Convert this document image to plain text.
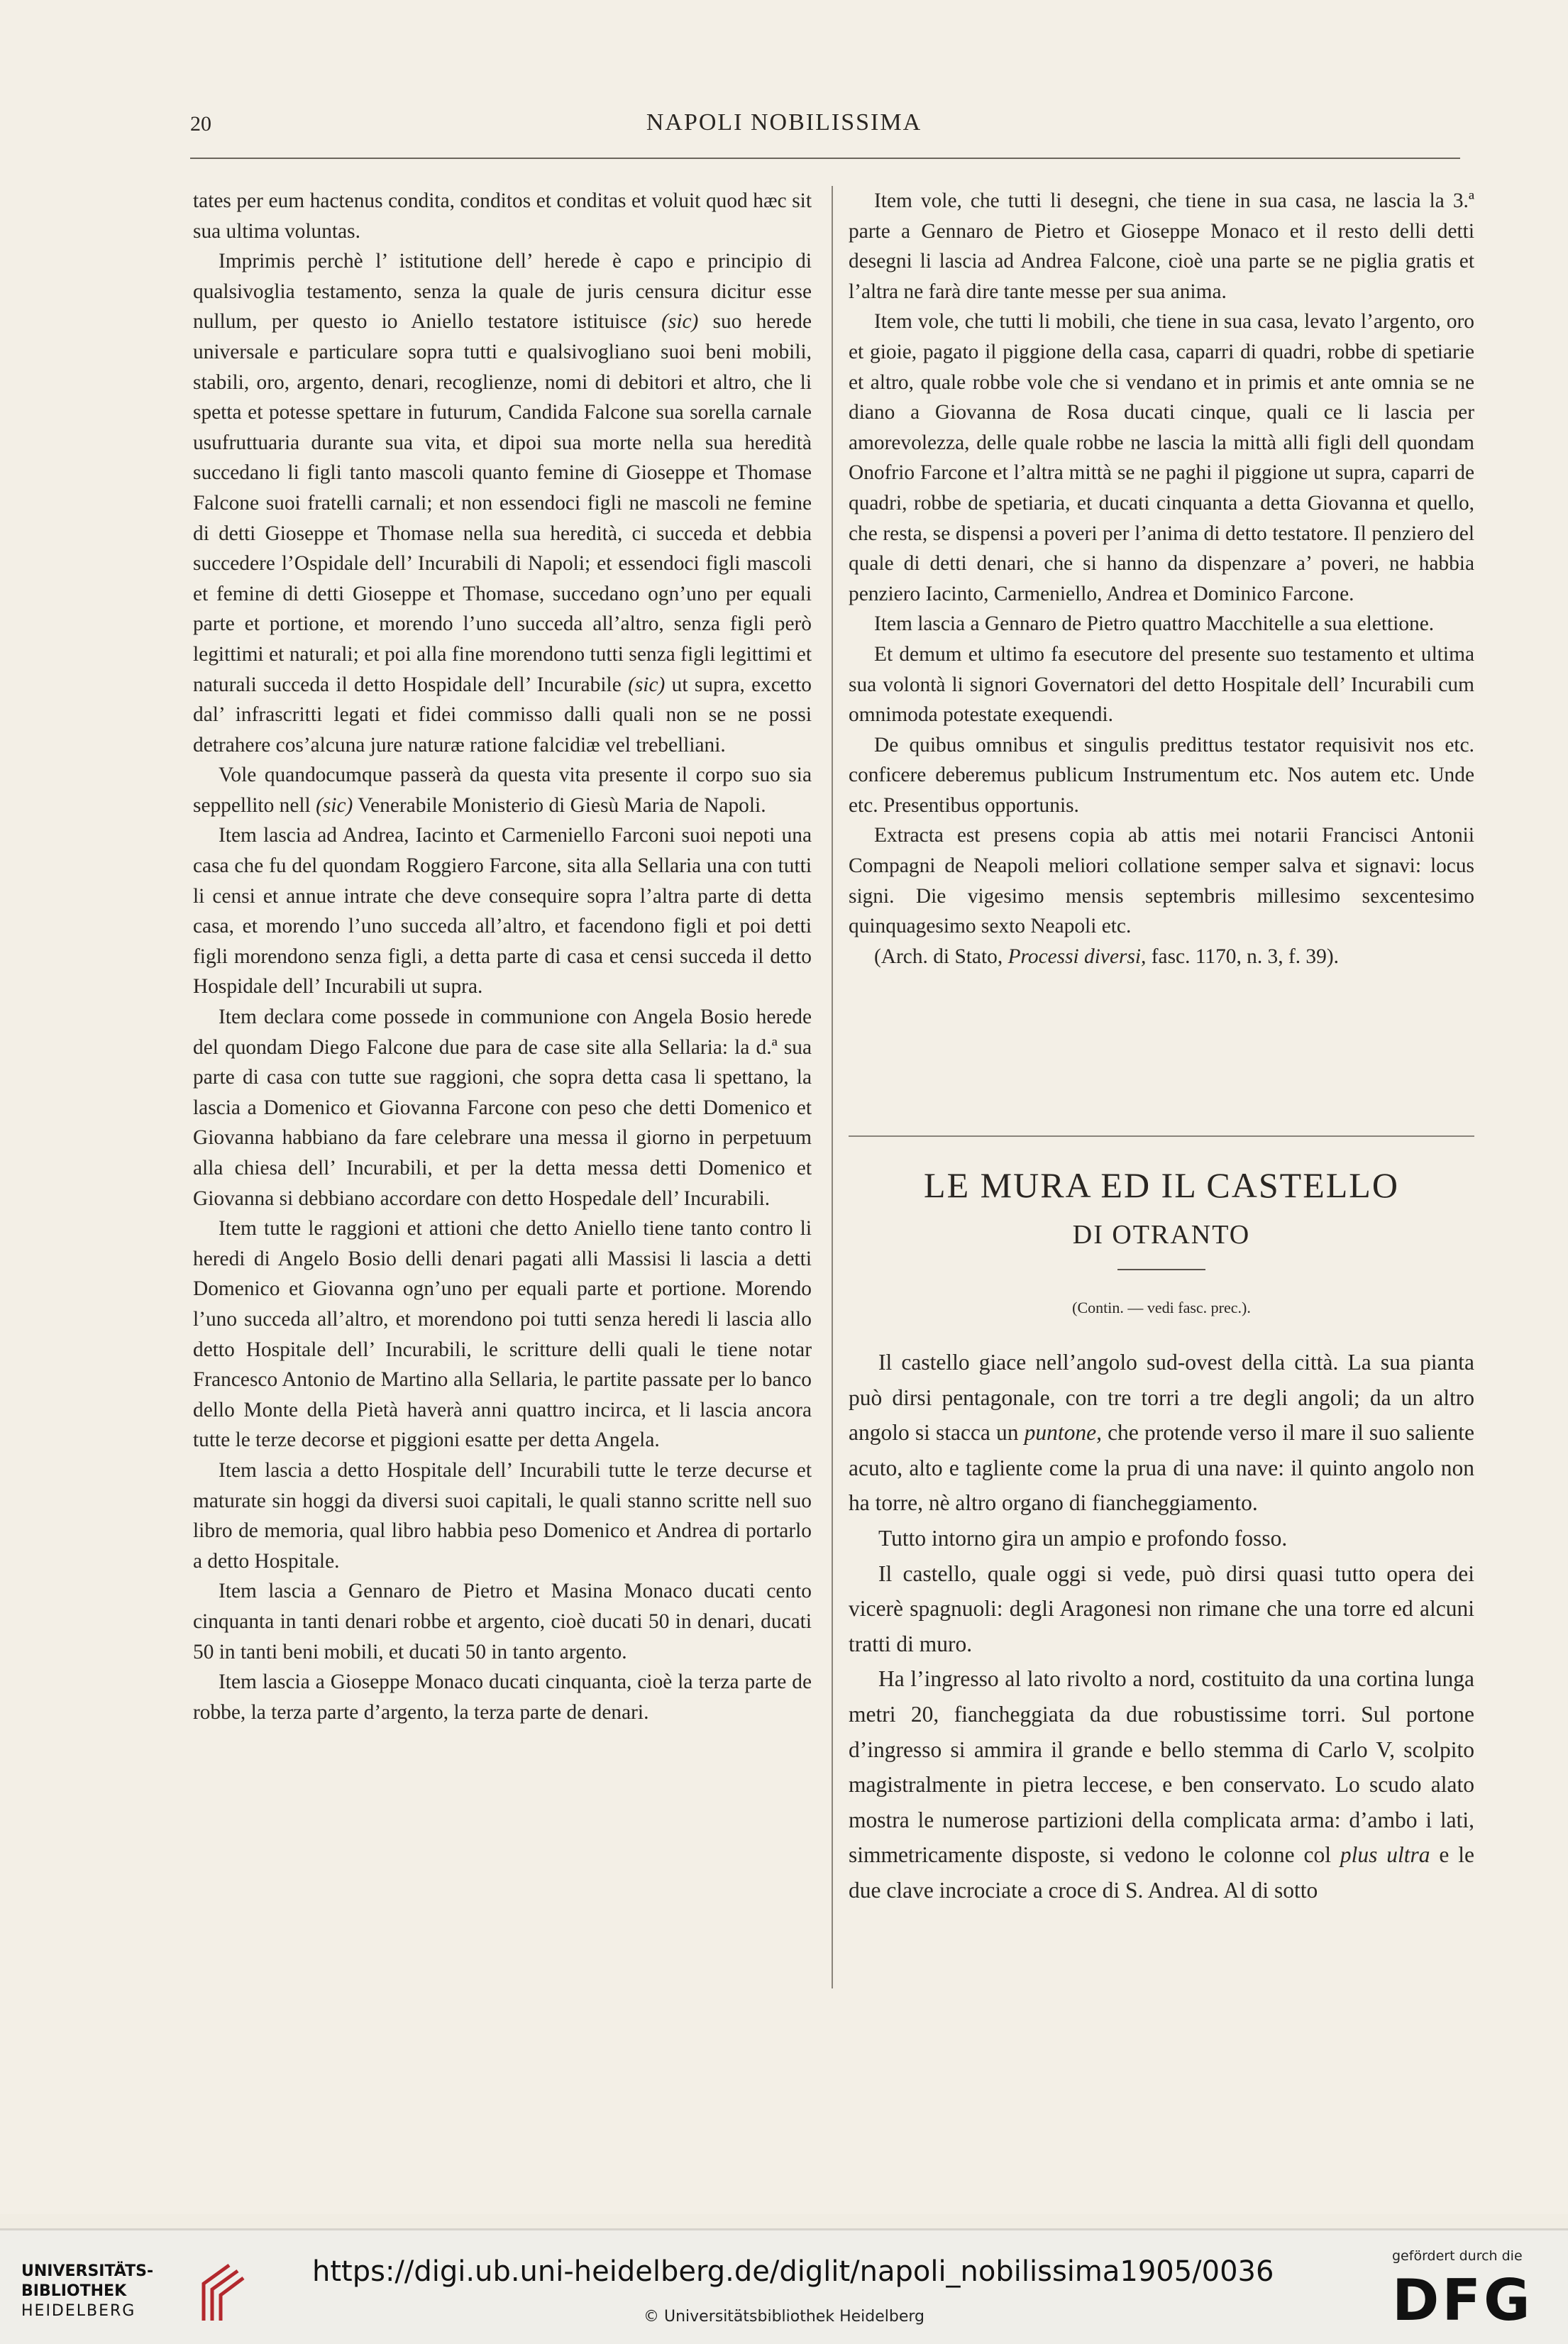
20	NAPOLI NOBILISSIMA

tates per eum hactenus condita, conditos et conditas et voluit quod hæc sit sua ultima voluntas.

Imprimis perchè l’ istitutione dell’ herede è capo e principio di qualsivoglia testamento, senza la quale de juris censura dicitur esse nullum, per questo io Aniello testatore istituisce (sic) suo herede universale e particulare sopra tutti e qualsivogliano suoi beni mobili, stabili, oro, argento, denari, recoglienze, nomi di debitori et altro, che li spetta et potesse spettare in futurum, Candida Falcone sua sorella carnale usufruttuaria durante sua vita, et dipoi sua morte nella sua heredità succedano li figli tanto mascoli quanto femine di Gioseppe et Thomase Falcone suoi fratelli carnali; et non essendoci figli ne mascoli ne femine di detti Gioseppe et Thomase nella sua heredità, ci succeda et debbia succedere l’Ospidale dell’ Incurabili di Napoli; et essendoci figli mascoli et femine di detti Gioseppe et Thomase, succedano ogn’uno per equali parte et portione, et morendo l’uno succeda all’altro, senza figli però legittimi et naturali; et poi alla fine morendono tutti senza figli legittimi et naturali succeda il detto Hospidale dell’ Incurabile (sic) ut supra, excetto dal’ infrascritti legati et fidei commisso dalli quali non se ne possi detrahere cos’alcuna jure naturæ ratione falcidiæ vel trebelliani.

Vole quandocumque passerà da questa vita presente il corpo suo sia seppellito nell (sic) Venerabile Monisterio di Giesù Maria de Napoli.

Item lascia ad Andrea, Iacinto et Carmeniello Farconi suoi nepoti una casa che fu del quondam Roggiero Farcone, sita alla Sellaria una con tutti li censi et annue intrate che deve consequire sopra l’altra parte di detta casa, et morendo l’uno succeda all’altro, et facendono figli et poi detti figli morendono senza figli, a detta parte di casa et censi succeda il detto Hospidale dell’ Incurabili ut supra.

Item declara come possede in communione con Angela Bosio herede del quondam Diego Falcone due para de case site alla Sellaria: la d.ª sua parte di casa con tutte sue raggioni, che sopra detta casa li spettano, la lascia a Domenico et Giovanna Farcone con peso che detti Domenico et Giovanna habbiano da fare celebrare una messa il giorno in perpetuum alla chiesa dell’ Incurabili, et per la detta messa detti Domenico et Giovanna si debbiano accordare con detto Hospedale dell’ Incurabili.

Item tutte le raggioni et attioni che detto Aniello tiene tanto contro li heredi di Angelo Bosio delli denari pagati alli Massisi li lascia a detti Domenico et Giovanna ogn’uno per equali parte et portione. Morendo l’uno succeda all’altro, et morendono poi tutti senza heredi li lascia allo detto Hospitale dell’ Incurabili, le scritture delli quali le tiene notar Francesco Antonio de Martino alla Sellaria, le partite passate per lo banco dello Monte della Pietà haverà anni quattro incirca, et li lascia ancora tutte le terze decorse et piggioni esatte per detta Angela.

Item lascia a detto Hospitale dell’ Incurabili tutte le terze decurse et maturate sin hoggi da diversi suoi capitali, le quali stanno scritte nell suo libro de memoria, qual libro habbia peso Domenico et Andrea di portarlo a detto Hospitale.

Item lascia a Gennaro de Pietro et Masina Monaco ducati cento cinquanta in tanti denari robbe et argento, cioè ducati 50 in denari, ducati 50 in tanti beni mobili, et ducati 50 in tanto argento.

Item lascia a Gioseppe Monaco ducati cinquanta, cioè la terza parte de robbe, la terza parte d’argento, la terza parte de denari.

Item vole, che tutti li desegni, che tiene in sua casa, ne lascia la 3.ª parte a Gennaro de Pietro et Gioseppe Monaco et il resto delli detti desegni li lascia ad Andrea Falcone, cioè una parte se ne piglia gratis et l’altra ne farà dire tante messe per sua anima.

Item vole, che tutti li mobili, che tiene in sua casa, levato l’argento, oro et gioie, pagato il piggione della casa, caparri di quadri, robbe di spetiarie et altro, quale robbe vole che si vendano et in primis et ante omnia se ne diano a Giovanna de Rosa ducati cinque, quali ce li lascia per amorevolezza, delle quale robbe ne lascia la mittà alli figli dell quondam Onofrio Farcone et l’altra mittà se ne paghi il piggione ut supra, caparri de quadri, robbe de spetiaria, et ducati cinquanta a detta Giovanna et quello, che resta, se dispensi a poveri per l’anima di detto testatore. Il penziero del quale di detti denari, che si hanno da dispenzare a’ poveri, ne habbia penziero Iacinto, Carmeniello, Andrea et Dominico Farcone.

Item lascia a Gennaro de Pietro quattro Macchitelle a sua elettione.

Et demum et ultimo fa esecutore del presente suo testamento et ultima sua volontà li signori Governatori del detto Hospitale dell’ Incurabili cum omnimoda potestate exequendi.

De quibus omnibus et singulis predittus testator requisivit nos etc. conficere deberemus publicum Instrumentum etc. Nos autem etc. Unde etc. Presentibus opportunis.

Extracta est presens copia ab attis mei notarii Francisci Antonii Compagni de Neapoli meliori collatione semper salva et signavi: locus signi. Die vigesimo mensis septembris millesimo sexcentesimo quinquagesimo sexto Neapoli etc.

(Arch. di Stato, Processi diversi, fasc. 1170, n. 3, f. 39).

LE MURA ED IL CASTELLO
DI OTRANTO
(Contin. — vedi fasc. prec.).

Il castello giace nell’angolo sud-ovest della città. La sua pianta può dirsi pentagonale, con tre torri a tre degli angoli; da un altro angolo si stacca un puntone, che protende verso il mare il suo saliente acuto, alto e tagliente come la prua di una nave: il quinto angolo non ha torre, nè altro organo di fiancheggiamento.

Tutto intorno gira un ampio e profondo fosso.

Il castello, quale oggi si vede, può dirsi quasi tutto opera dei vicerè spagnuoli: degli Aragonesi non rimane che una torre ed alcuni tratti di muro.

Ha l’ingresso al lato rivolto a nord, costituito da una cortina lunga metri 20, fiancheggiata da due robustissime torri. Sul portone d’ingresso si ammira il grande e bello stemma di Carlo V, scolpito magistralmente in pietra leccese, e ben conservato. Lo scudo alato mostra le numerose partizioni della complicata arma: d’ambo i lati, simmetricamente disposte, si vedono le colonne col plus ultra e le due clave incrociate a croce di S. Andrea. Al di sotto

UNIVERSITÄTS-
BIBLIOTHEK
HEIDELBERG
https://digi.ub.uni-heidelberg.de/diglit/napoli_nobilissima1905/0036
© Universitätsbibliothek Heidelberg
gefördert durch die
DFG
